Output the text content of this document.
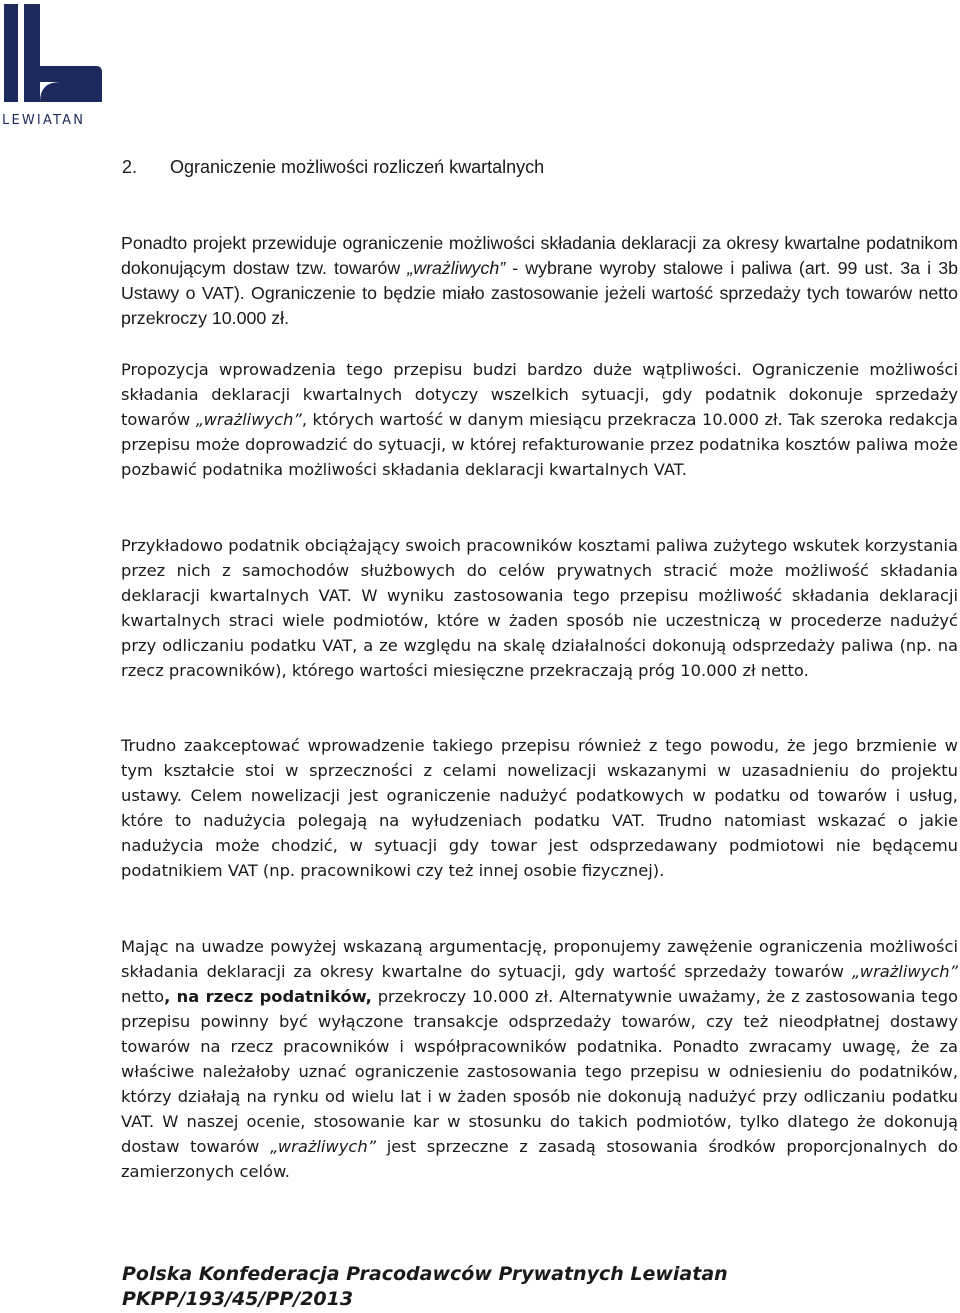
LEWIATAN
2. Ograniczenie możliwości rozliczeń kwartalnych

Ponadto projekt przewiduje ograniczenie możliwości składania deklaracji za okresy kwartalne podatnikom dokonującym dostaw tzw. towarów „wrażliwych” - wybrane wyroby stalowe i paliwa (art. 99 ust. 3a i 3b Ustawy o VAT). Ograniczenie to będzie miało zastosowanie jeżeli wartość sprzedaży tych towarów netto przekroczy 10.000 zł.

Propozycja wprowadzenia tego przepisu budzi bardzo duże wątpliwości. Ograniczenie możliwości składania deklaracji kwartalnych dotyczy wszelkich sytuacji, gdy podatnik dokonuje sprzedaży towarów „wrażliwych”, których wartość w danym miesiącu przekracza 10.000 zł. Tak szeroka redakcja przepisu może doprowadzić do sytuacji, w której refakturowanie przez podatnika kosztów paliwa może pozbawić podatnika możliwości składania deklaracji kwartalnych VAT.

Przykładowo podatnik obciążający swoich pracowników kosztami paliwa zużytego wskutek korzystania przez nich z samochodów służbowych do celów prywatnych stracić może możliwość składania deklaracji kwartalnych VAT. W wyniku zastosowania tego przepisu możliwość składania deklaracji kwartalnych straci wiele podmiotów, które w żaden sposób nie uczestniczą w procederze nadużyć przy odliczaniu podatku VAT, a ze względu na skalę działalności dokonują odsprzedaży paliwa (np. na rzecz pracowników), którego wartości miesięczne przekraczają próg 10.000 zł netto.

Trudno zaakceptować wprowadzenie takiego przepisu również z tego powodu, że jego brzmienie w tym kształcie stoi w sprzeczności z celami nowelizacji wskazanymi w uzasadnieniu do projektu ustawy. Celem nowelizacji jest ograniczenie nadużyć podatkowych w podatku od towarów i usług, które to nadużycia polegają na wyłudzeniach podatku VAT. Trudno natomiast wskazać o jakie nadużycia może chodzić, w sytuacji gdy towar jest odsprzedawany podmiotowi nie będącemu podatnikiem VAT (np. pracownikowi czy też innej osobie fizycznej).

Mając na uwadze powyżej wskazaną argumentację, proponujemy zawężenie ograniczenia możliwości składania deklaracji za okresy kwartalne do sytuacji, gdy wartość sprzedaży towarów „wrażliwych” netto, na rzecz podatników, przekroczy 10.000 zł. Alternatywnie uważamy, że z zastosowania tego przepisu powinny być wyłączone transakcje odsprzedaży towarów, czy też nieodpłatnej dostawy towarów na rzecz pracowników i współpracowników podatnika. Ponadto zwracamy uwagę, że za właściwe należałoby uznać ograniczenie zastosowania tego przepisu w odniesieniu do podatników, którzy działają na rynku od wielu lat i w żaden sposób nie dokonują nadużyć przy odliczaniu podatku VAT. W naszej ocenie, stosowanie kar w stosunku do takich podmiotów, tylko dlatego że dokonują dostaw towarów „wrażliwych” jest sprzeczne z zasadą stosowania środków proporcjonalnych do zamierzonych celów.

Polska Konfederacja Pracodawców Prywatnych Lewiatan
PKPP/193/45/PP/2013
